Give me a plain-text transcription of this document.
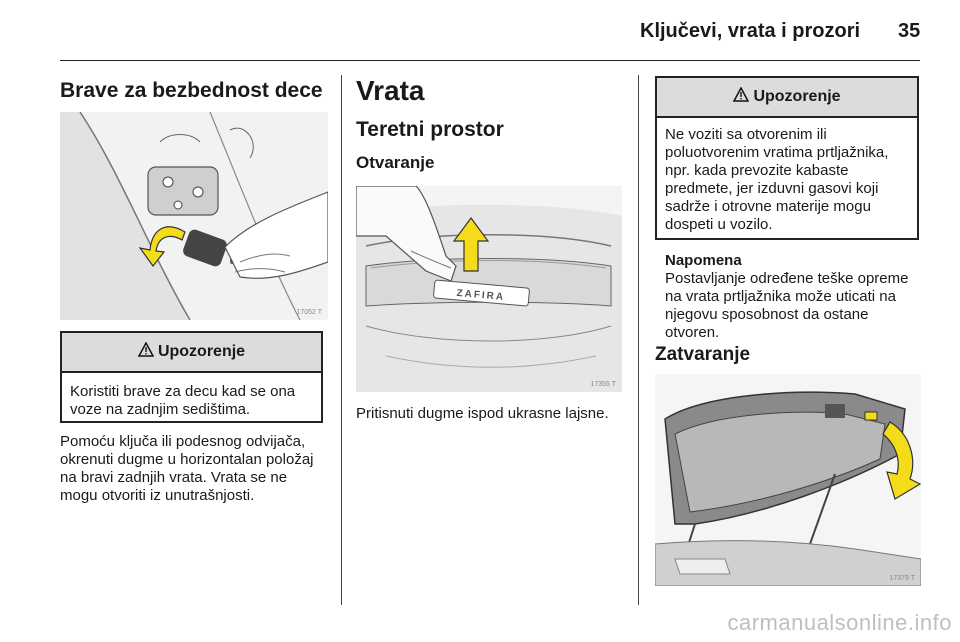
Ključevi, vrata i prozori 35
Brave za bezbednost dece
17052 T
Upozorenje
Koristiti brave za decu kad se ona voze na zadnjim sedištima.

Pomoću ključa ili podesnog odvijača, okrenuti dugme u horizontalan položaj na bravi zadnjih vrata. Vrata se ne mogu otvoriti iz unutrašnjosti.

Vrata
Teretni prostor
Otvaranje
ZAFIRA
17355 T

Pritisnuti dugme ispod ukrasne lajsne.

Upozorenje
Ne voziti sa otvorenim ili poluotvorenim vratima prtljažnika, npr. kada prevozite kabaste predmete, jer izduvni gasovi koji sadrže i otrovne materije mogu dospeti u vozilo.

Napomena
Postavljanje određene teške opreme na vrata prtljažnika može uticati na njegovu sposobnost da ostane otvoren.

Zatvaranje
17379 T
carmanualsonline.info
